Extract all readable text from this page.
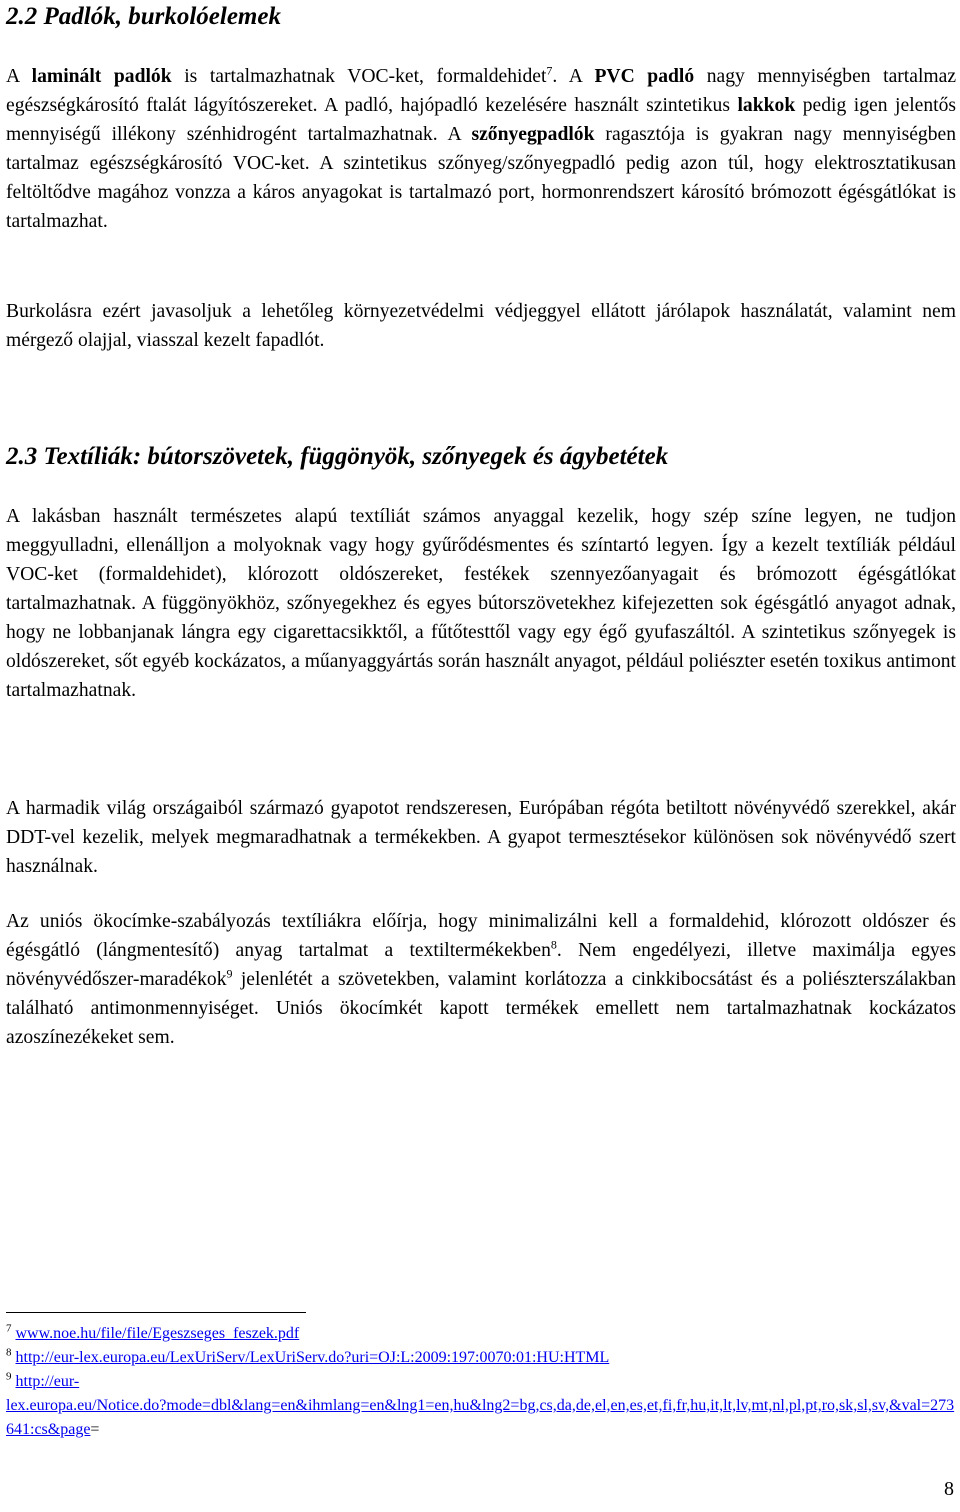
2.2 Padlók, burkolóelemek

A laminált padlók is tartalmazhatnak VOC-ket, formaldehidet$^7$. A PVC padló nagy mennyiségben tartalmaz egészségkárosító ftalát lágyítószereket. A padló, hajópadló kezelésére használt szintetikus lakkok pedig igen jelentős mennyiségű illékony szénhidrogént tartalmazhatnak. A szőnyegpadlók ragasztója is gyakran nagy mennyiségben tartalmaz egészségkárosító VOC-ket. A szintetikus szőnyeg/szőnyegpadló pedig azon túl, hogy elektrosztatikusan feltöltődve magához vonzza a káros anyagokat is tartalmazó port, hormonrendszert károsító brómozott égésgátlókat is tartalmazhat.

Burkolásra ezért javasoljuk a lehetőleg környezetvédelmi védjeggyel ellátott járólapok használatát, valamint nem mérgező olajjal, viasszal kezelt fapadlót.

2.3 Textíliák: bútorszövetek, függönyök, szőnyegek és ágybetétek

A lakásban használt természetes alapú textíliát számos anyaggal kezelik, hogy szép színe legyen, ne tudjon meggyulladni, ellenálljon a molyoknak vagy hogy gyűrődésmentes és színtartó legyen. Így a kezelt textíliák például VOC-ket (formaldehidet), klórozott oldószereket, festékek szennyezőanyagait és brómozott égésgátlókat tartalmazhatnak. A függönyökhöz, szőnyegekhez és egyes bútorszövetekhez kifejezetten sok égésgátló anyagot adnak, hogy ne lobbanjanak lángra egy cigarettacsikktől, a fűtőtesttől vagy egy égő gyufaszáltól. A szintetikus szőnyegek is oldószereket, sőt egyéb kockázatos, a műanyaggyártás során használt anyagot, például poliészter esetén toxikus antimont tartalmazhatnak.

A harmadik világ országaiból származó gyapotot rendszeresen, Európában régóta betiltott növényvédő szerekkel, akár DDT-vel kezelik, melyek megmaradhatnak a termékekben. A gyapot termesztésekor különösen sok növényvédő szert használnak.

Az uniós ökocímke-szabályozás textíliákra előírja, hogy minimalizálni kell a formaldehid, klórozott oldószer és égésgátló (lángmentesítő) anyag tartalmat a textiltermékekben$^8$. Nem engedélyezi, illetve maximálja egyes növényvédőszer-maradékok$^9$ jelenlétét a szövetekben, valamint korlátozza a cinkkibocsátást és a poliészterszálakban található antimonmennyiséget. Uniós ökocímkét kapott termékek emellett nem tartalmazhatnak kockázatos azoszínezékeket sem.

$^7$ www.noe.hu/file/file/Egeszseges_feszek.pdf

$^8$ http://eur-lex.europa.eu/LexUriServ/LexUriServ.do?uri=OJ:L:2009:197:0070:01:HU:HTML

$^9$ http://eur-
lex.europa.eu/Notice.do?mode=dbl&lang=en&ihmlang=en&lng1=en,hu&lng2=bg,cs,da,de,el,en,es,et,fi,fr,hu,it,lt,lv,mt,nl,pl,pt,ro,sk,sl,sv,&val=273641:cs&page=

8
